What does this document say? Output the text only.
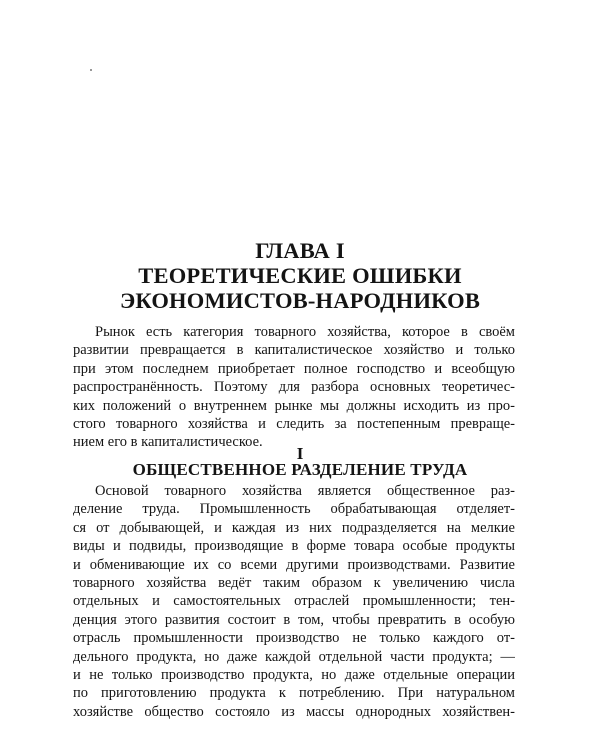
ГЛАВА I
ТЕОРЕТИЧЕСКИЕ ОШИБКИ
ЭКОНОМИСТОВ-НАРОДНИКОВ
Рынок есть категория товарного хозяйства, которое в своём
развитии превращается в капиталистическое хозяйство и только
при этом последнем приобретает полное господство и всеобщую
распространённость. Поэтому для разбора основных теоретичес-
ких положений о внутреннем рынке мы должны исходить из про-
стого товарного хозяйства и следить за постепенным превраще-
нием его в капиталистическое.
I
ОБЩЕСТВЕННОЕ РАЗДЕЛЕНИЕ ТРУДА
Основой товарного хозяйства является общественное раз-
деление труда. Промышленность обрабатывающая отделяет-
ся от добывающей, и каждая из них подразделяется на мелкие
виды и подвиды, производящие в форме товара особые продукты
и обменивающие их со всеми другими производствами. Развитие
товарного хозяйства ведёт таким образом к увеличению числа
отдельных и самостоятельных отраслей промышленности; тен-
денция этого развития состоит в том, чтобы превратить в особую
отрасль промышленности производство не только каждого от-
дельного продукта, но даже каждой отдельной части продукта; —
и не только производство продукта, но даже отдельные операции
по приготовлению продукта к потреблению. При натуральном
хозяйстве общество состояло из массы однородных хозяйствен-
